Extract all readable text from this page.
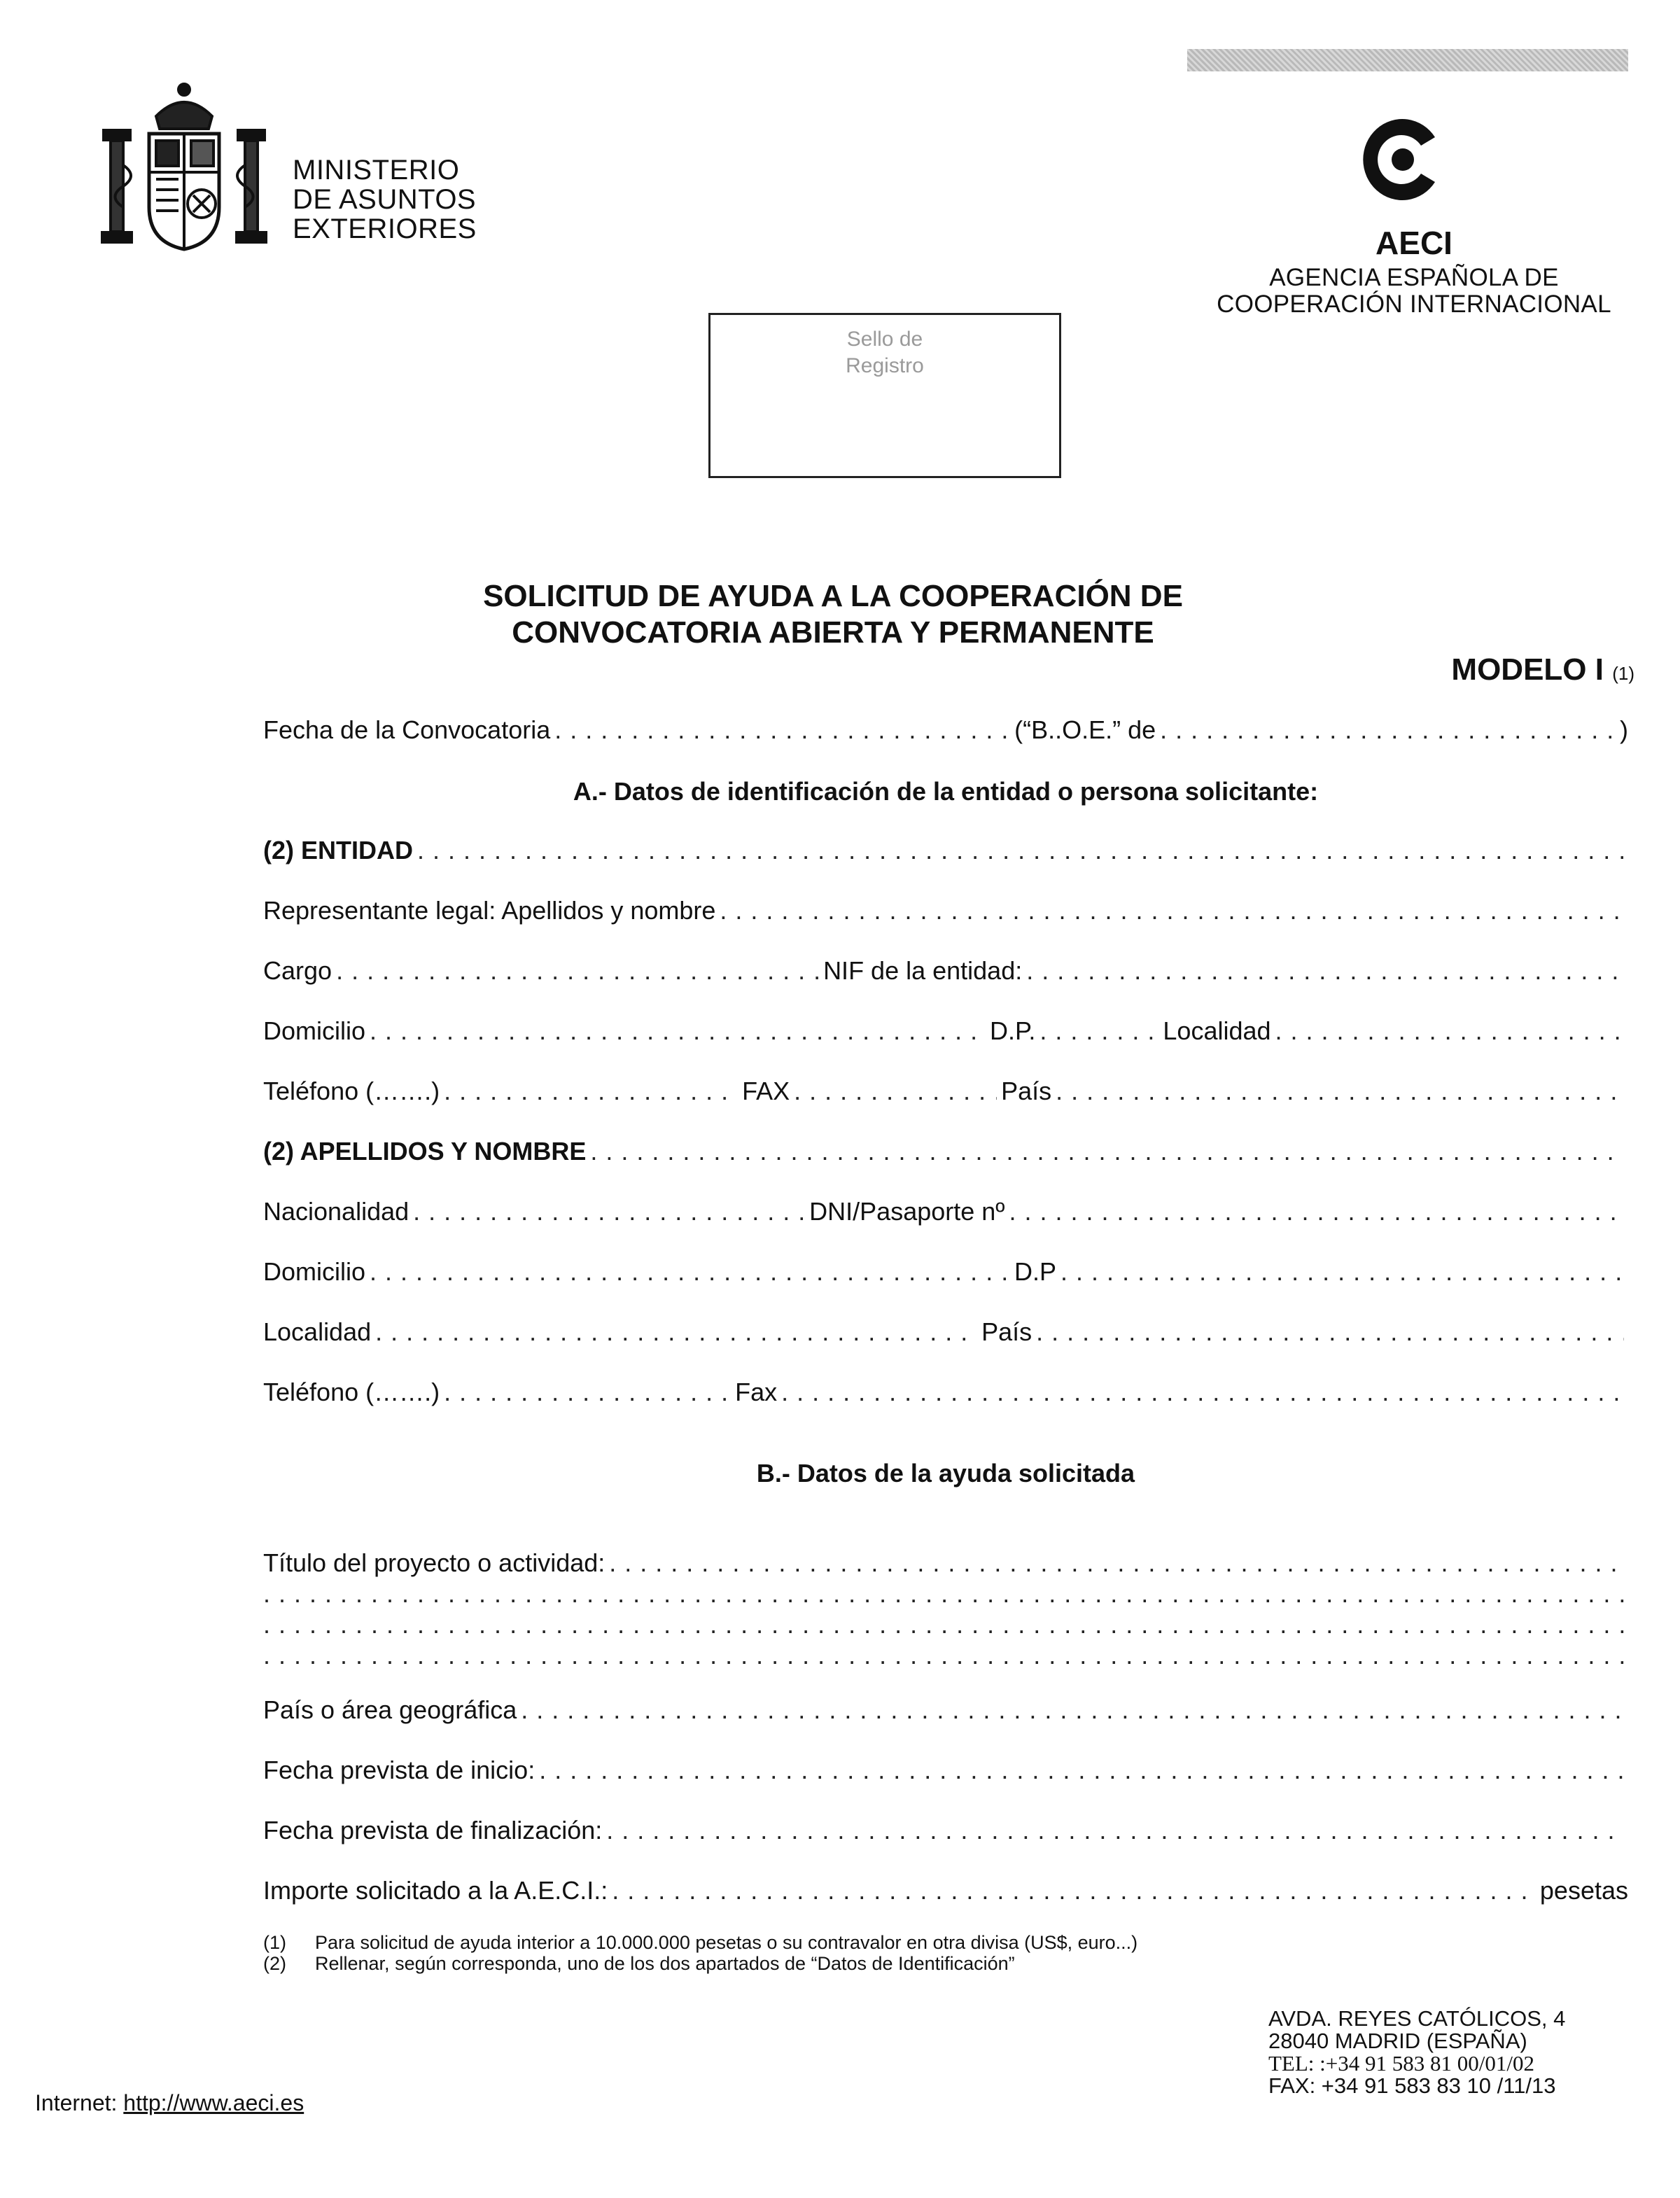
MINISTERIO
DE ASUNTOS
EXTERIORES	AECI
AGENCIA ESPAÑOLA DE
COOPERACIÓN INTERNACIONAL
Sello de
Registro
SOLICITUD DE AYUDA A LA COOPERACIÓN DE
CONVOCATORIA ABIERTA Y PERMANENTE
MODELO I (1)
Fecha de la Convocatoria . . .	(“B..O.E.” de . . .	)
A.- Datos de identificación de la entidad o persona solicitante:
(2) ENTIDAD
. . .
Representante legal: Apellidos y nombre
. . .
Cargo . . .	NIF de la entidad:
. . .
Domicilio . . .	D.P. . . .	Localidad
. . .
Teléfono (…….) . . .	FAX . . .	País
. . .
(2) APELLIDOS Y NOMBRE
. . .
Nacionalidad . . .	DNI/Pasaporte nº
. . .
Domicilio . . .	D.P
. . .
Localidad . . .	País
. . .
Teléfono (…….) . . .	Fax
. . .
B.- Datos de la ayuda solicitada
Título del proyecto o actividad:
. . .
. . .
. . .
. . .
País o área geográfica
. . .
Fecha prevista de inicio:
. . .
Fecha prevista de finalización:
. . .
Importe solicitado a la A.E.C.I.: . . .	pesetas
(1)	Para solicitud de ayuda interior a 10.000.000 pesetas o su contravalor en otra divisa (US$, euro...)
(2)	Rellenar, según corresponda, uno de los dos apartados de “Datos de Identificación”
Internet: http://www.aeci.es
AVDA. REYES CATÓLICOS, 4
28040 MADRID (ESPAÑA)
TEL: :+34 91 583 81 00/01/02
FAX: +34 91 583 83 10 /11/13
